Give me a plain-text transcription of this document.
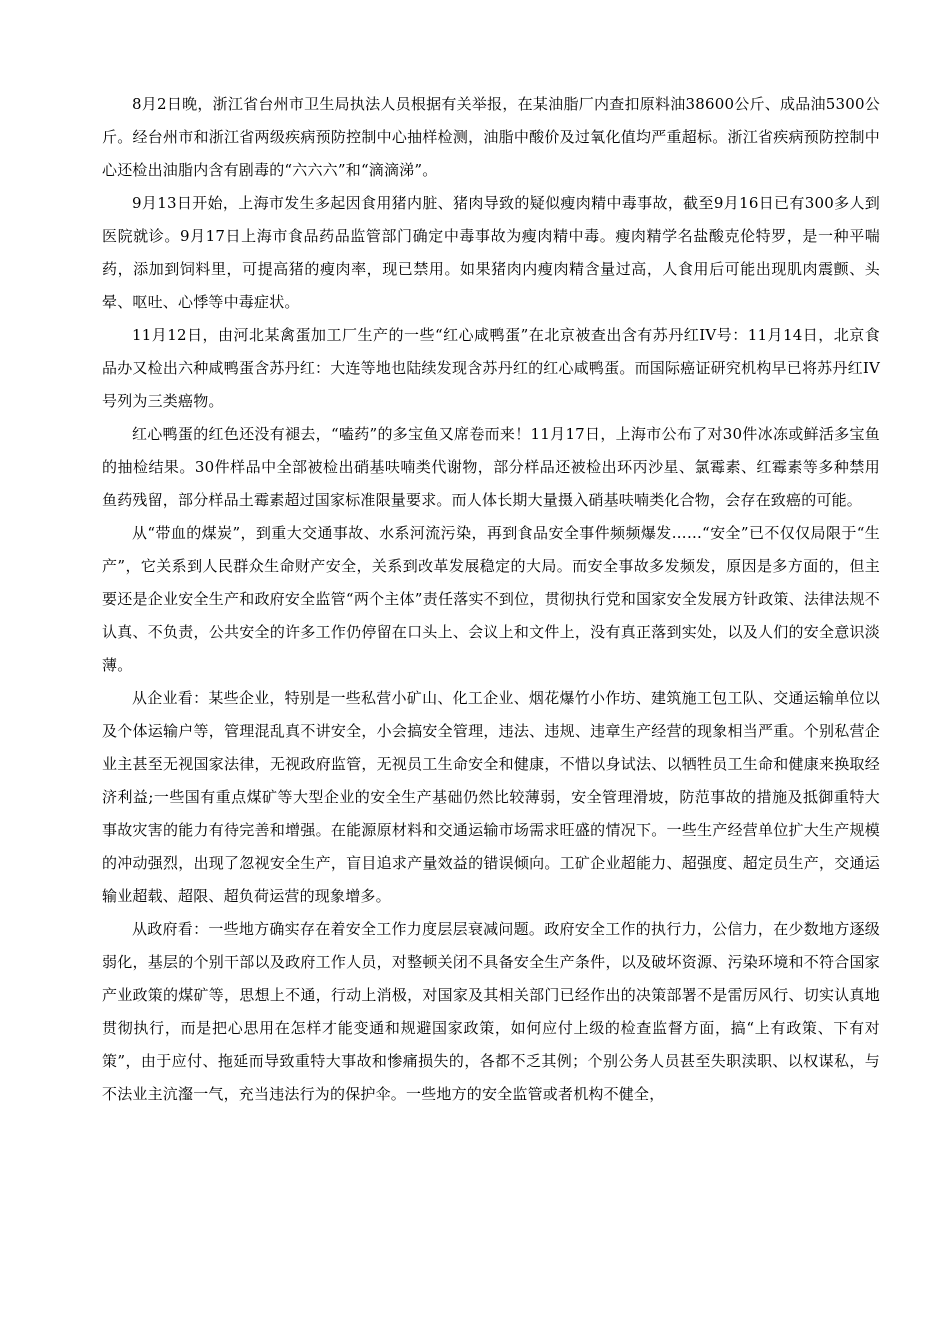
8月2日晚，浙江省台州市卫生局执法人员根据有关举报，在某油脂厂内查扣原料油38600公斤、成品油5300公斤。经台州市和浙江省两级疾病预防控制中心抽样检测，油脂中酸价及过氧化值均严重超标。浙江省疾病预防控制中心还检出油脂内含有剧毒的“六六六”和“滴滴涕”。

9月13日开始，上海市发生多起因食用猪内脏、猪肉导致的疑似瘦肉精中毒事故，截至9月16日已有300多人到医院就诊。9月17日上海市食品药品监管部门确定中毒事故为瘦肉精中毒。瘦肉精学名盐酸克伦特罗，是一种平喘药，添加到饲料里，可提高猪的瘦肉率，现已禁用。如果猪肉内瘦肉精含量过高，人食用后可能出现肌肉震颤、头晕、呕吐、心悸等中毒症状。

11月12日，由河北某禽蛋加工厂生产的一些“红心咸鸭蛋”在北京被查出含有苏丹红IV号：11月14日，北京食品办又检出六种咸鸭蛋含苏丹红：大连等地也陆续发现含苏丹红的红心咸鸭蛋。而国际癌证研究机构早已将苏丹红IV号列为三类癌物。

红心鸭蛋的红色还没有褪去，“嗑药”的多宝鱼又席卷而来！11月17日，上海市公布了对30件冰冻或鲜活多宝鱼的抽检结果。30件样品中全部被检出硝基呋喃类代谢物，部分样品还被检出环丙沙星、氯霉素、红霉素等多种禁用鱼药残留，部分样品土霉素超过国家标准限量要求。而人体长期大量摄入硝基呋喃类化合物，会存在致癌的可能。

从“带血的煤炭”，到重大交通事故、水系河流污染，再到食品安全事件频频爆发……“安全”已不仅仅局限于“生产”，它关系到人民群众生命财产安全，关系到改革发展稳定的大局。而安全事故多发频发，原因是多方面的，但主要还是企业安全生产和政府安全监管“两个主体”责任落实不到位，贯彻执行党和国家安全发展方针政策、法律法规不认真、不负责，公共安全的许多工作仍停留在口头上、会议上和文件上，没有真正落到实处，以及人们的安全意识淡薄。

从企业看：某些企业，特别是一些私营小矿山、化工企业、烟花爆竹小作坊、建筑施工包工队、交通运输单位以及个体运输户等，管理混乱真不讲安全，小会搞安全管理，违法、违规、违章生产经营的现象相当严重。个别私营企业主甚至无视国家法律，无视政府监管，无视员工生命安全和健康，不惜以身试法、以牺牲员工生命和健康来换取经济利益;一些国有重点煤矿等大型企业的安全生产基础仍然比较薄弱，安全管理滑坡，防范事故的措施及抵御重特大事故灾害的能力有待完善和增强。在能源原材料和交通运输市场需求旺盛的情况下。一些生产经营单位扩大生产规模的冲动强烈，出现了忽视安全生产，盲目追求产量效益的错误倾向。工矿企业超能力、超强度、超定员生产，交通运输业超载、超限、超负荷运营的现象增多。

从政府看：一些地方确实存在着安全工作力度层层衰减问题。政府安全工作的执行力，公信力，在少数地方逐级弱化，基层的个别干部以及政府工作人员，对整顿关闭不具备安全生产条件，以及破坏资源、污染环境和不符合国家产业政策的煤矿等，思想上不通，行动上消极，对国家及其相关部门已经作出的决策部署不是雷厉风行、切实认真地贯彻执行，而是把心思用在怎样才能变通和规避国家政策，如何应付上级的检查监督方面，搞“上有政策、下有对策”，由于应付、拖延而导致重特大事故和惨痛损失的，各都不乏其例；个别公务人员甚至失职渎职、以权谋私，与不法业主沆瀣一气，充当违法行为的保护伞。一些地方的安全监管或者机构不健全，
